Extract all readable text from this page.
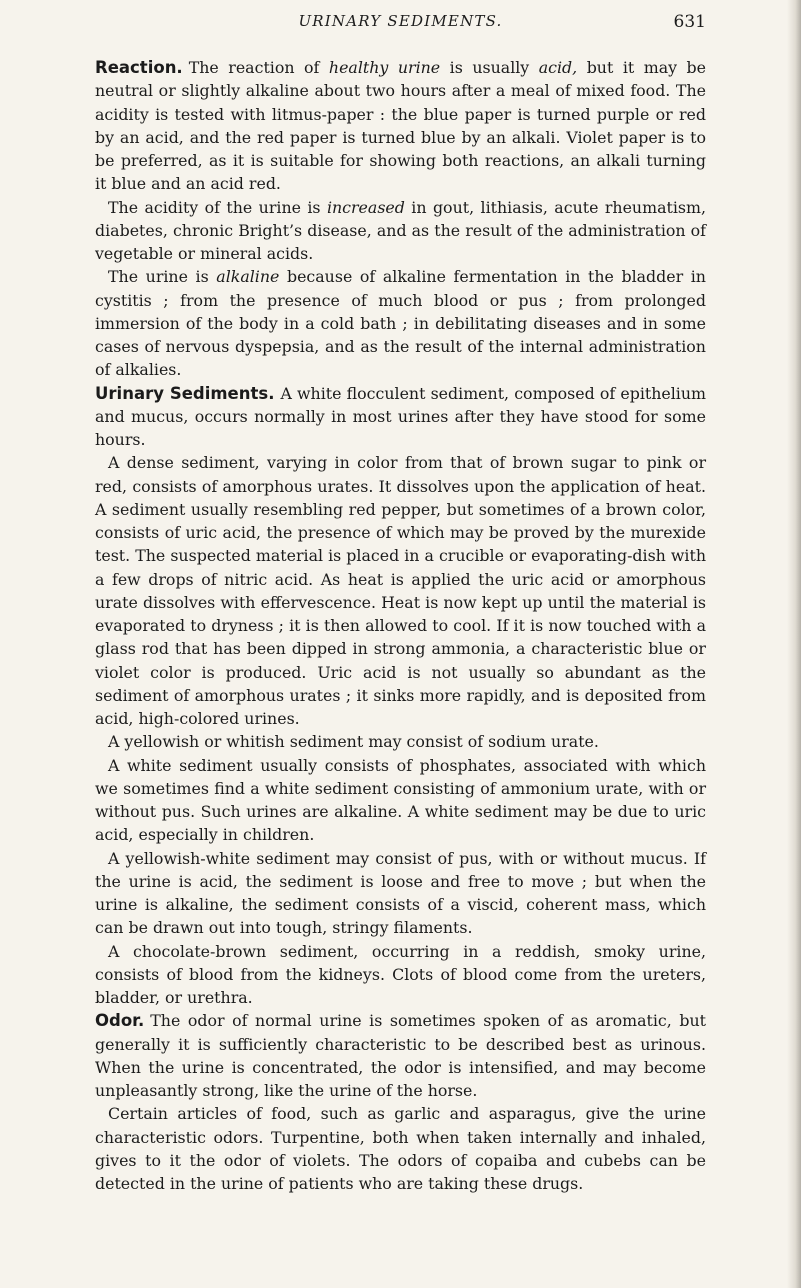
URINARY SEDIMENTS.	631

Reaction. The reaction of healthy urine is usually acid, but it may be neutral or slightly alkaline about two hours after a meal of mixed food. The acidity is tested with litmus-paper : the blue paper is turned purple or red by an acid, and the red paper is turned blue by an alkali. Violet paper is to be preferred, as it is suitable for showing both reactions, an alkali turning it blue and an acid red.

The acidity of the urine is increased in gout, lithiasis, acute rheumatism, diabetes, chronic Bright’s disease, and as the result of the administration of vegetable or mineral acids.

The urine is alkaline because of alkaline fermentation in the bladder in cystitis ; from the presence of much blood or pus ; from prolonged immersion of the body in a cold bath ; in debilitating diseases and in some cases of nervous dyspepsia, and as the result of the internal administration of alkalies.

Urinary Sediments. A white flocculent sediment, composed of epithelium and mucus, occurs normally in most urines after they have stood for some hours.

A dense sediment, varying in color from that of brown sugar to pink or red, consists of amorphous urates. It dissolves upon the application of heat. A sediment usually resembling red pepper, but sometimes of a brown color, consists of uric acid, the presence of which may be proved by the murexide test. The suspected material is placed in a crucible or evaporating-dish with a few drops of nitric acid. As heat is applied the uric acid or amorphous urate dissolves with effervescence. Heat is now kept up until the material is evaporated to dryness ; it is then allowed to cool. If it is now touched with a glass rod that has been dipped in strong ammonia, a characteristic blue or violet color is produced. Uric acid is not usually so abundant as the sediment of amorphous urates ; it sinks more rapidly, and is deposited from acid, high-colored urines.

A yellowish or whitish sediment may consist of sodium urate.

A white sediment usually consists of phosphates, associated with which we sometimes find a white sediment consisting of ammonium urate, with or without pus. Such urines are alkaline. A white sediment may be due to uric acid, especially in children.

A yellowish-white sediment may consist of pus, with or without mucus. If the urine is acid, the sediment is loose and free to move ; but when the urine is alkaline, the sediment consists of a viscid, coherent mass, which can be drawn out into tough, stringy filaments.

A chocolate-brown sediment, occurring in a reddish, smoky urine, consists of blood from the kidneys. Clots of blood come from the ureters, bladder, or urethra.

Odor. The odor of normal urine is sometimes spoken of as aromatic, but generally it is sufficiently characteristic to be described best as urinous. When the urine is concentrated, the odor is intensified, and may become unpleasantly strong, like the urine of the horse.

Certain articles of food, such as garlic and asparagus, give the urine characteristic odors. Turpentine, both when taken internally and inhaled, gives to it the odor of violets. The odors of copaiba and cubebs can be detected in the urine of patients who are taking these drugs.
